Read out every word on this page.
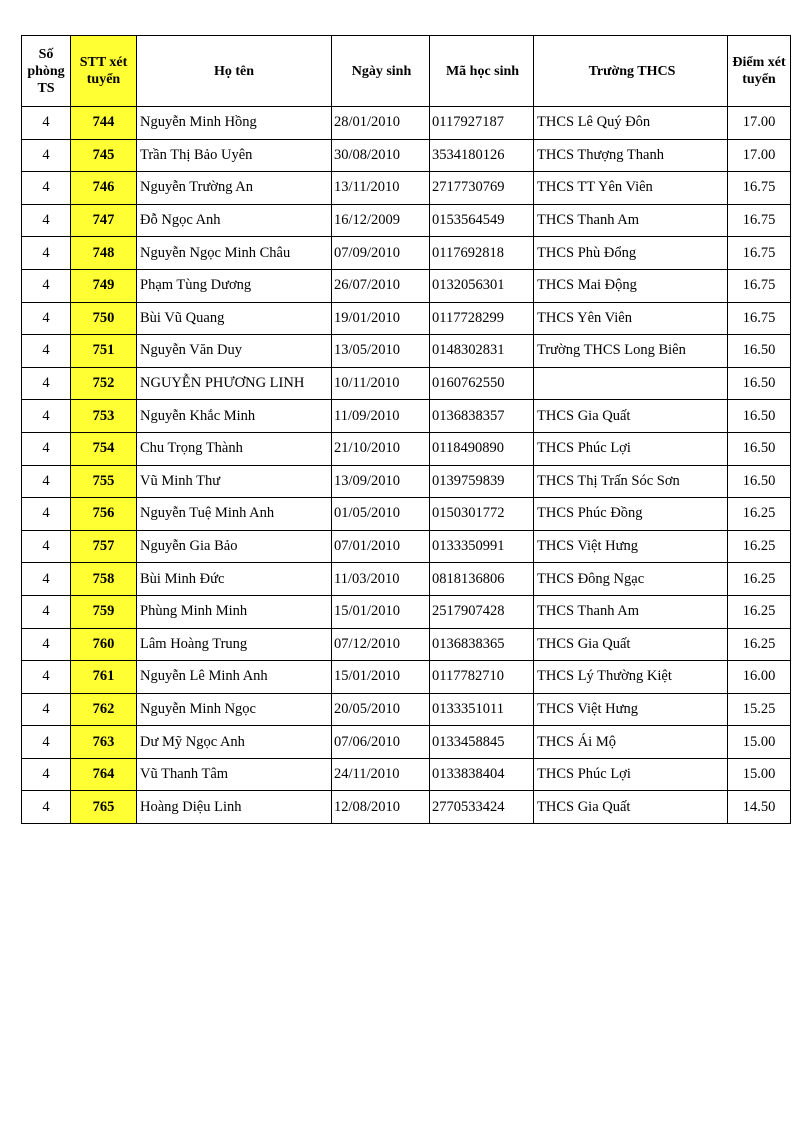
Số phòng TS	STT xét tuyển	Họ tên	Ngày sinh	Mã học sinh	Trường THCS	Điểm xét tuyển
4	744	Nguyễn Minh Hồng	28/01/2010	0117927187	THCS Lê Quý Đôn	17.00
4	745	Trần Thị Bảo Uyên	30/08/2010	3534180126	THCS Thượng Thanh	17.00
4	746	Nguyễn Trường An	13/11/2010	2717730769	THCS TT Yên Viên	16.75
4	747	Đỗ Ngọc Anh	16/12/2009	0153564549	THCS Thanh Am	16.75
4	748	Nguyễn Ngọc Minh Châu	07/09/2010	0117692818	THCS Phù Đổng	16.75
4	749	Phạm Tùng Dương	26/07/2010	0132056301	THCS Mai Động	16.75
4	750	Bùi Vũ Quang	19/01/2010	0117728299	THCS Yên Viên	16.75
4	751	Nguyễn Văn Duy	13/05/2010	0148302831	Trường THCS Long Biên	16.50
4	752	NGUYỄN PHƯƠNG LINH	10/11/2010	0160762550		16.50
4	753	Nguyễn Khắc Minh	11/09/2010	0136838357	THCS Gia Quất	16.50
4	754	Chu Trọng Thành	21/10/2010	0118490890	THCS Phúc Lợi	16.50
4	755	Vũ Minh Thư	13/09/2010	0139759839	THCS Thị Trấn Sóc Sơn	16.50
4	756	Nguyễn Tuệ Minh Anh	01/05/2010	0150301772	THCS Phúc Đồng	16.25
4	757	Nguyễn Gia Bảo	07/01/2010	0133350991	THCS Việt Hưng	16.25
4	758	Bùi Minh Đức	11/03/2010	0818136806	THCS Đông Ngạc	16.25
4	759	Phùng Minh Minh	15/01/2010	2517907428	THCS Thanh Am	16.25
4	760	Lâm Hoàng Trung	07/12/2010	0136838365	THCS Gia Quất	16.25
4	761	Nguyễn Lê Minh Anh	15/01/2010	0117782710	THCS Lý Thường Kiệt	16.00
4	762	Nguyễn Minh Ngọc	20/05/2010	0133351011	THCS Việt Hưng	15.25
4	763	Dư Mỹ Ngọc Anh	07/06/2010	0133458845	THCS Ái Mộ	15.00
4	764	Vũ Thanh Tâm	24/11/2010	0133838404	THCS Phúc Lợi	15.00
4	765	Hoàng Diệu Linh	12/08/2010	2770533424	THCS Gia Quất	14.50
